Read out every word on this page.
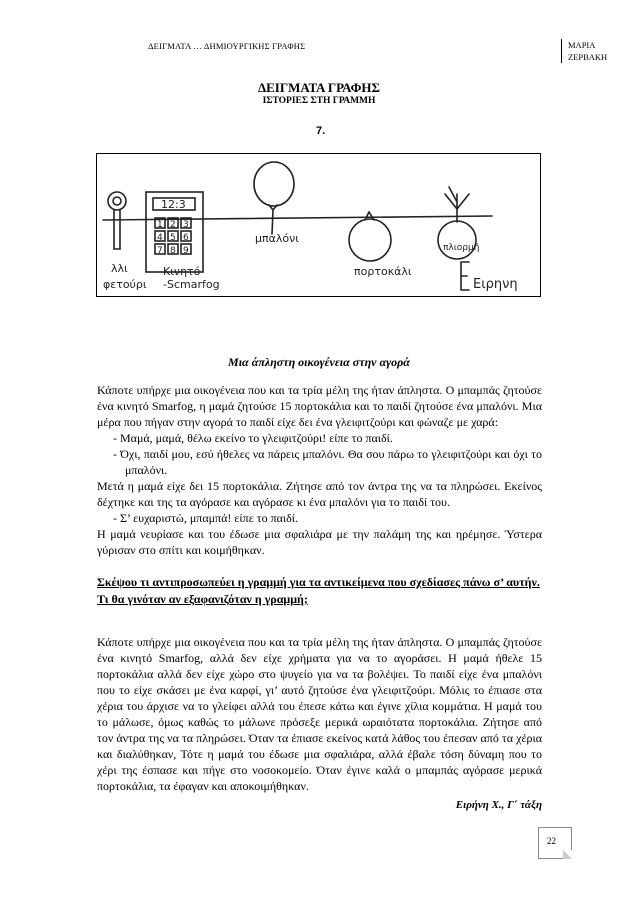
ΔΕΙΓΜΑΤΑ … ΔΗΜΙΟΥΡΓΙΚΗΣ ΓΡΑΦΗΣ	ΜΑΡΙΑ
ΖΕΡΒΑΚΗ
ΔΕΙΓΜΑΤΑ ΓΡΑΦΗΣ
ΙΣΤΟΡΙΕΣ ΣΤΗ ΓΡΑΜΜΗ
7.
12:3
1 2 3
4 5 6
7 8 9
λλι
φετούρι
Κινητό
-Scmarfog
μπαλόνι
πορτοκάλι
πλιορμή
Ειρηνη
Μια άπληστη οικογένεια στην αγορά

Κάποτε υπήρχε μια οικογένεια που και τα τρία μέλη της ήταν άπληστα. Ο μπαμπάς ζητούσε ένα κινητό Smarfog, η μαμά ζητούσε 15 πορτοκάλια και το παιδί ζητούσε ένα μπαλόνι. Μια μέρα που πήγαν στην αγορά το παιδί είχε δει ένα γλειφιτζούρι και φώναζε με χαρά:

- Μαμά, μαμά, θέλω εκείνο το γλειφιτζούρι! είπε το παιδί.

- Όχι, παιδί μου, εσύ ήθελες να πάρεις μπαλόνι. Θα σου πάρω το γλειφιτζούρι και όχι το μπαλόνι.

Μετά η μαμά είχε δει 15 πορτοκάλια. Ζήτησε από τον άντρα της να τα πληρώσει. Εκείνος δέχτηκε και της τα αγόρασε και αγόρασε κι ένα μπαλόνι για το παιδί του.

- Σ’ ευχαριστώ, μπαμπά! είπε το παιδί.

Η μαμά νευρίασε και του έδωσε μια σφαλιάρα με την παλάμη της και ηρέμησε. Ύστερα γύρισαν στο σπίτι και κοιμήθηκαν.

Σκέψου τι αντιπροσωπεύει η γραμμή για τα αντικείμενα που σχεδίασες πάνω σ’ αυτήν. Τι θα γινόταν αν εξαφανιζόταν η γραμμή;

Κάποτε υπήρχε μια οικογένεια που και τα τρία μέλη της ήταν άπληστα. Ο μπαμπάς ζητούσε ένα κινητό Smarfog, αλλά δεν είχε χρήματα για να το αγοράσει. Η μαμά ήθελε 15 πορτοκάλια αλλά δεν είχε χώρο στο ψυγείο για να τα βολέψει. Το παιδί είχε ένα μπαλόνι που το είχε σκάσει με ένα καρφί, γι’ αυτό ζητούσε ένα γλειφιτζούρι. Μόλις το έπιασε στα χέρια του άρχισε να το γλείφει αλλά του έπεσε κάτω και έγινε χίλια κομμάτια. Η μαμά του το μάλωσε, όμως καθώς το μάλωνε πρόσεξε μερικά ωραιότατα πορτοκάλια. Ζήτησε από τον άντρα της να τα πληρώσει. Όταν τα έπιασε εκείνος κατά λάθος του έπεσαν από τα χέρια και διαλύθηκαν, Τότε η μαμά του έδωσε μια σφαλιάρα, αλλά έβαλε τόση δύναμη που το χέρι της έσπασε και πήγε στο νοσοκομείο. Όταν έγινε καλά ο μπαμπάς αγόρασε μερικά πορτοκάλια, τα έφαγαν και αποκοιμήθηκαν.

Ειρήνη Χ., Γ΄ τάξη
22
